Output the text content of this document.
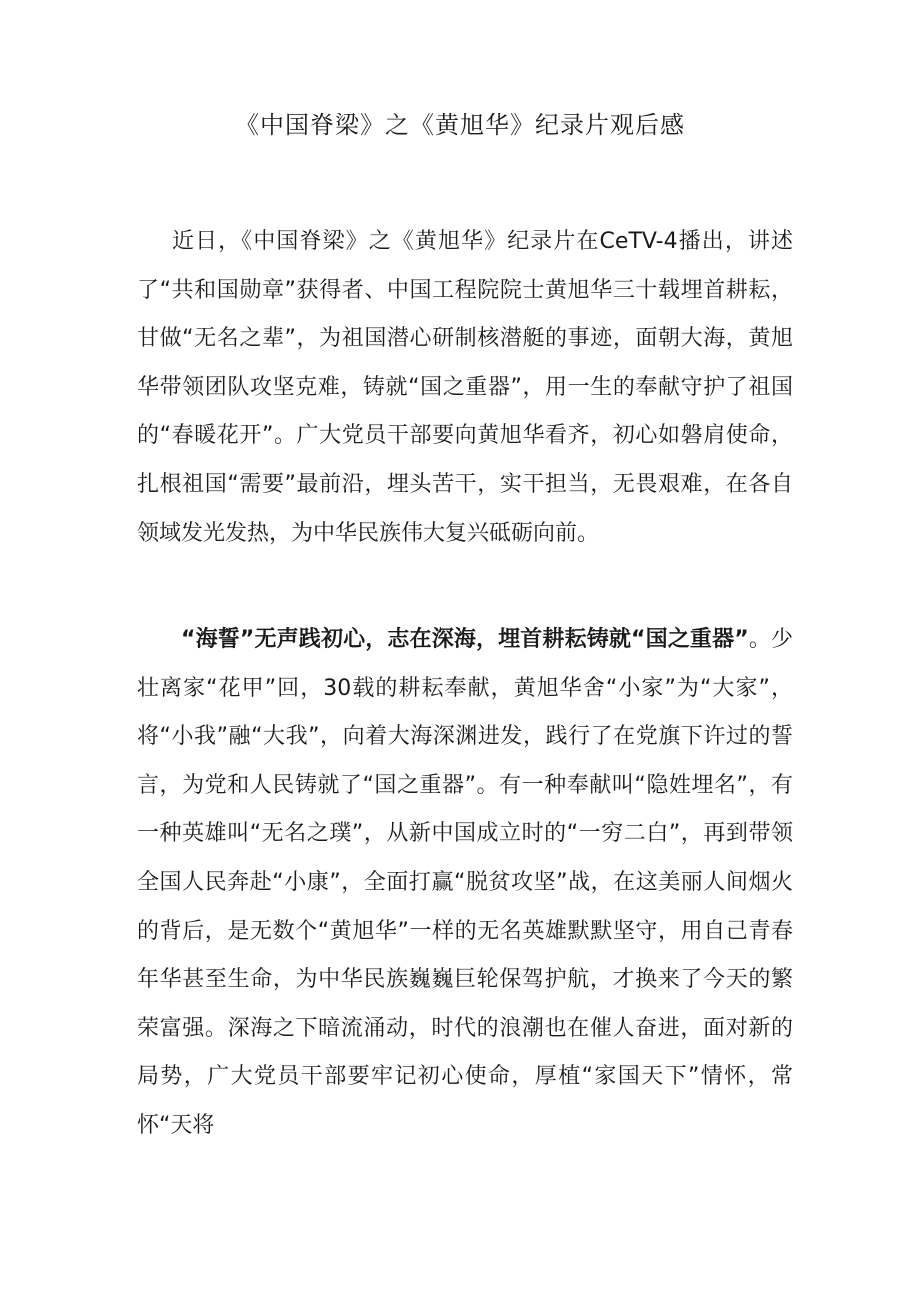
《中国脊梁》之《黄旭华》纪录片观后感

近日，《中国脊梁》之《黄旭华》纪录片在CeTV-4播出，讲述了“共和国勋章”获得者、中国工程院院士黄旭华三十载埋首耕耘，甘做“无名之辈”，为祖国潜心研制核潜艇的事迹，面朝大海，黄旭华带领团队攻坚克难，铸就“国之重器”，用一生的奉献守护了祖国的“春暖花开”。广大党员干部要向黄旭华看齐，初心如磐肩使命，扎根祖国“需要”最前沿，埋头苦干，实干担当，无畏艰难，在各自领域发光发热，为中华民族伟大复兴砥砺向前。

“海誓”无声践初心，志在深海，埋首耕耘铸就“国之重器”。少壮离家“花甲”回，30载的耕耘奉献，黄旭华舍“小家”为“大家”，将“小我”融“大我”，向着大海深渊进发，践行了在党旗下许过的誓言，为党和人民铸就了“国之重器”。有一种奉献叫“隐姓埋名”，有一种英雄叫“无名之璞”，从新中国成立时的“一穷二白”，再到带领全国人民奔赴“小康”，全面打赢“脱贫攻坚”战，在这美丽人间烟火的背后，是无数个“黄旭华”一样的无名英雄默默坚守，用自己青春年华甚至生命，为中华民族巍巍巨轮保驾护航，才换来了今天的繁荣富强。深海之下暗流涌动，时代的浪潮也在催人奋进，面对新的局势，广大党员干部要牢记初心使命，厚植“家国天下”情怀，常怀“天将
